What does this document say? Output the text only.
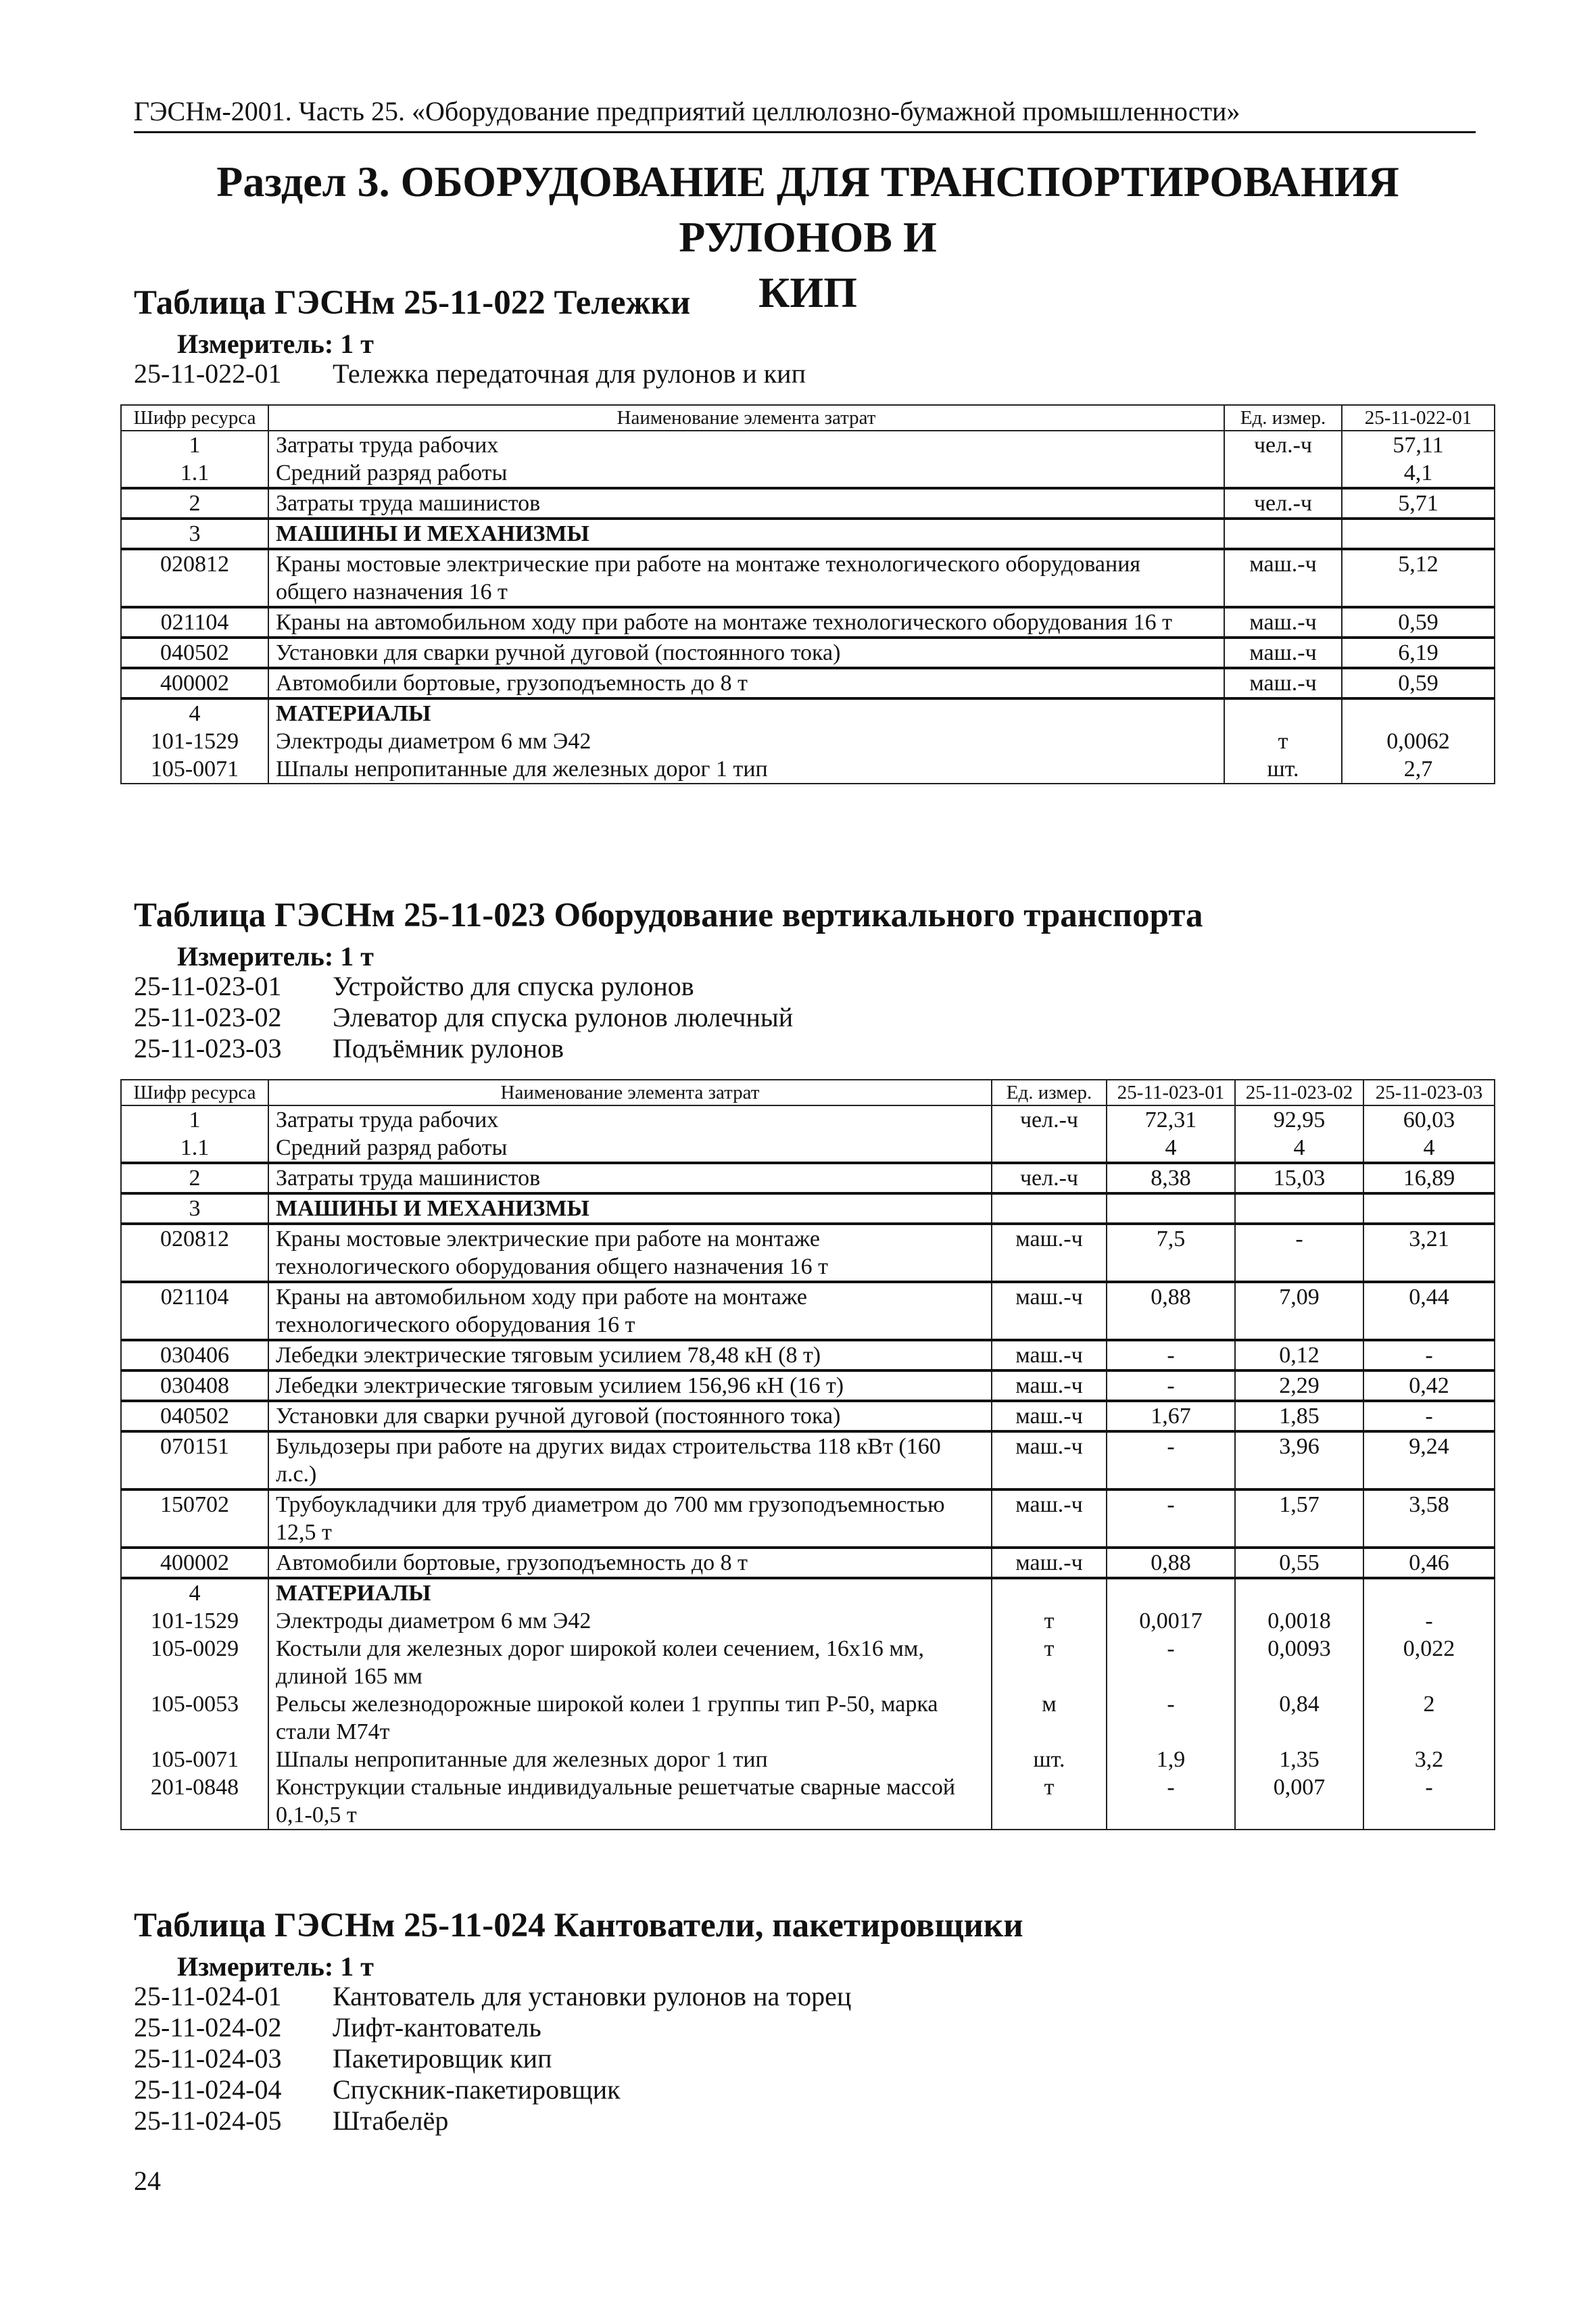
ГЭСНм-2001. Часть 25. «Оборудование предприятий целлюлозно-бумажной промышленности»
Раздел 3. ОБОРУДОВАНИЕ ДЛЯ ТРАНСПОРТИРОВАНИЯ РУЛОНОВ И
КИП
Таблица ГЭСНм 25-11-022 Тележки
Измеритель: 1 т
25-11-022-01 Тележка передаточная для рулонов и кип
Шифр ресурса	Наименование элемента затрат	Ед. измер.	25-11-022-01
1	Затраты труда рабочих	чел.-ч	57,11
1.1	Средний разряд работы		4,1
2	Затраты труда машинистов	чел.-ч	5,71
3	МАШИНЫ И МЕХАНИЗМЫ		
020812	Краны мостовые электрические при работе на монтаже технологического оборудования общего назначения 16 т	маш.-ч	5,12
021104	Краны на автомобильном ходу при работе на монтаже технологического оборудования 16 т	маш.-ч	0,59
040502	Установки для сварки ручной дуговой (постоянного тока)	маш.-ч	6,19
400002	Автомобили бортовые, грузоподъемность до 8 т	маш.-ч	0,59
4	МАТЕРИАЛЫ		
101-1529	Электроды диаметром 6 мм Э42	т	0,0062
105-0071	Шпалы непропитанные для железных дорог 1 тип	шт.	2,7
Таблица ГЭСНм 25-11-023 Оборудование вертикального транспорта
Измеритель: 1 т
25-11-023-01 Устройство для спуска рулонов
25-11-023-02 Элеватор для спуска рулонов люлечный
25-11-023-03 Подъёмник рулонов
Шифр ресурса	Наименование элемента затрат	Ед. измер.	25-11-023-01	25-11-023-02	25-11-023-03
1	Затраты труда рабочих	чел.-ч	72,31	92,95	60,03
1.1	Средний разряд работы		4	4	4
2	Затраты труда машинистов	чел.-ч	8,38	15,03	16,89
3	МАШИНЫ И МЕХАНИЗМЫ				
020812	Краны мостовые электрические при работе на монтаже технологического оборудования общего назначения 16 т	маш.-ч	7,5	-	3,21
021104	Краны на автомобильном ходу при работе на монтаже технологического оборудования 16 т	маш.-ч	0,88	7,09	0,44
030406	Лебедки электрические тяговым усилием 78,48 кН (8 т)	маш.-ч	-	0,12	-
030408	Лебедки электрические тяговым усилием 156,96 кН (16 т)	маш.-ч	-	2,29	0,42
040502	Установки для сварки ручной дуговой (постоянного тока)	маш.-ч	1,67	1,85	-
070151	Бульдозеры при работе на других видах строительства 118 кВт (160 л.с.)	маш.-ч	-	3,96	9,24
150702	Трубоукладчики для труб диаметром до 700 мм грузоподъемностью 12,5 т	маш.-ч	-	1,57	3,58
400002	Автомобили бортовые, грузоподъемность до 8 т	маш.-ч	0,88	0,55	0,46
4	МАТЕРИАЛЫ				
101-1529	Электроды диаметром 6 мм Э42	т	0,0017	0,0018	-
105-0029	Костыли для железных дорог широкой колеи сечением, 16х16 мм, длиной 165 мм	т	-	0,0093	0,022
105-0053	Рельсы железнодорожные широкой колеи 1 группы тип Р-50, марка стали М74т	м	-	0,84	2
105-0071	Шпалы непропитанные для железных дорог 1 тип	шт.	1,9	1,35	3,2
201-0848	Конструкции стальные индивидуальные решетчатые сварные массой 0,1-0,5 т	т	-	0,007	-
Таблица ГЭСНм 25-11-024 Кантователи, пакетировщики
Измеритель: 1 т
25-11-024-01 Кантователь для установки рулонов на торец
25-11-024-02 Лифт-кантователь
25-11-024-03 Пакетировщик кип
25-11-024-04 Спускник-пакетировщик
25-11-024-05 Штабелёр
24
